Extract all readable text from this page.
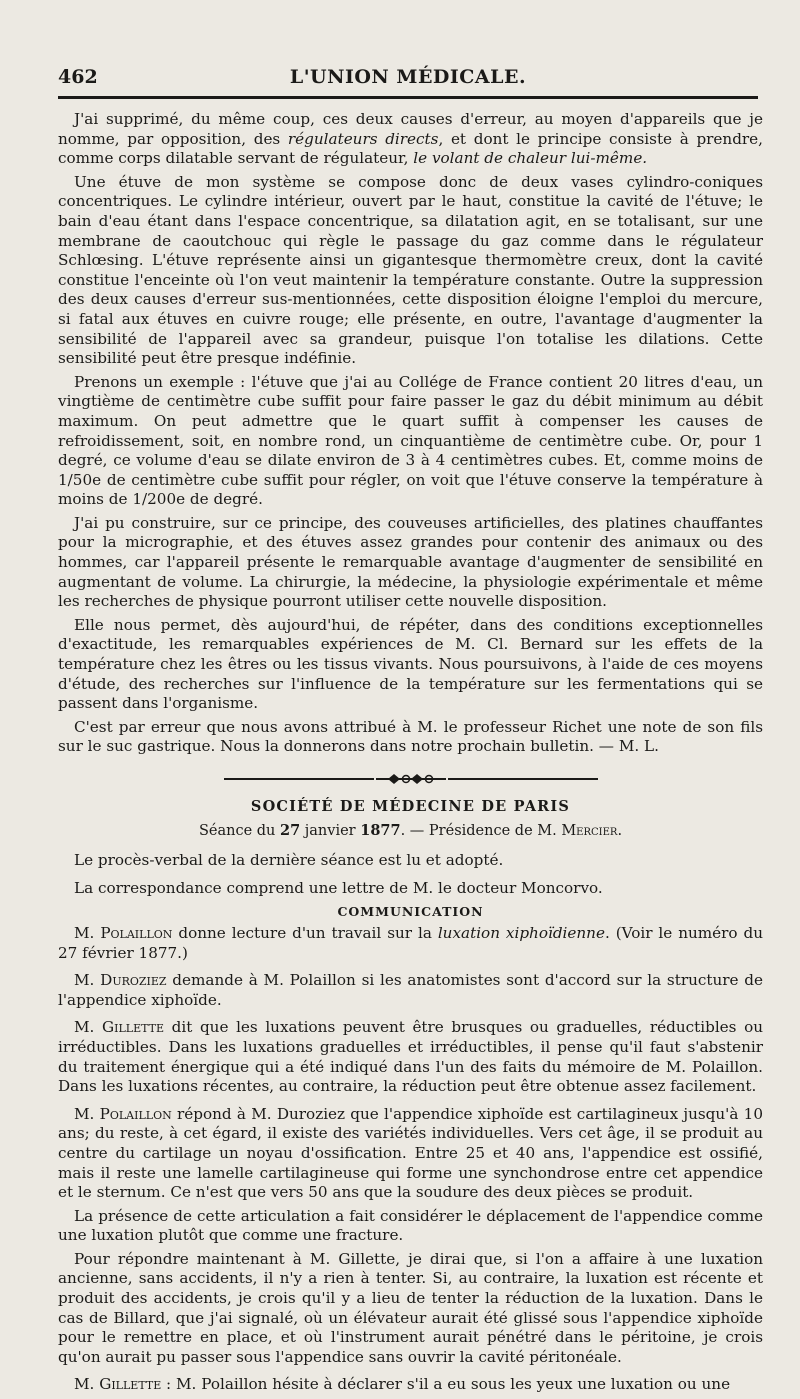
462	L'UNION MÉDICALE.

J'ai supprimé, du même coup, ces deux causes d'erreur, au moyen d'appareils que je nomme, par opposition, des régulateurs directs, et dont le principe consiste à prendre, comme corps dilatable servant de régulateur, le volant de chaleur lui-même.

Une étuve de mon système se compose donc de deux vases cylindro-coniques concentriques. Le cylindre intérieur, ouvert par le haut, constitue la cavité de l'étuve; le bain d'eau étant dans l'espace concentrique, sa dilatation agit, en se totalisant, sur une membrane de caoutchouc qui règle le passage du gaz comme dans le régulateur Schlœsing. L'étuve représente ainsi un gigantesque thermomètre creux, dont la cavité constitue l'enceinte où l'on veut maintenir la température constante. Outre la suppression des deux causes d'erreur sus-mentionnées, cette disposition éloigne l'emploi du mercure, si fatal aux étuves en cuivre rouge; elle présente, en outre, l'avantage d'augmenter la sensibilité de l'appareil avec sa grandeur, puisque l'on totalise les dilations. Cette sensibilité peut être presque indéfinie.

Prenons un exemple : l'étuve que j'ai au Collége de France contient 20 litres d'eau, un vingtième de centimètre cube suffit pour faire passer le gaz du débit minimum au débit maximum. On peut admettre que le quart suffit à compenser les causes de refroidissement, soit, en nombre rond, un cinquantième de centimètre cube. Or, pour 1 degré, ce volume d'eau se dilate environ de 3 à 4 centimètres cubes. Et, comme moins de 1/50e de centimètre cube suffit pour régler, on voit que l'étuve conserve la température à moins de 1/200e de degré.

J'ai pu construire, sur ce principe, des couveuses artificielles, des platines chauffantes pour la micrographie, et des étuves assez grandes pour contenir des animaux ou des hommes, car l'appareil présente le remarquable avantage d'augmenter de sensibilité en augmentant de volume. La chirurgie, la médecine, la physiologie expérimentale et même les recherches de physique pourront utiliser cette nouvelle disposition.

Elle nous permet, dès aujourd'hui, de répéter, dans des conditions exceptionnelles d'exactitude, les remarquables expériences de M. Cl. Bernard sur les effets de la température chez les êtres ou les tissus vivants. Nous poursuivons, à l'aide de ces moyens d'étude, des recherches sur l'influence de la température sur les fermentations qui se passent dans l'organisme.

C'est par erreur que nous avons attribué à M. le professeur Richet une note de son fils sur le suc gastrique. Nous la donnerons dans notre prochain bulletin. — M. L.

SOCIÉTÉ DE MÉDECINE DE PARIS
Séance du 27 janvier 1877. — Présidence de M. Mercier.

Le procès-verbal de la dernière séance est lu et adopté.

La correspondance comprend une lettre de M. le docteur Moncorvo.

COMMUNICATION

M. Polaillon donne lecture d'un travail sur la luxation xiphoïdienne. (Voir le numéro du 27 février 1877.)

M. Duroziez demande à M. Polaillon si les anatomistes sont d'accord sur la structure de l'appendice xiphoïde.

M. Gillette dit que les luxations peuvent être brusques ou graduelles, réductibles ou irréductibles. Dans les luxations graduelles et irréductibles, il pense qu'il faut s'abstenir du traitement énergique qui a été indiqué dans l'un des faits du mémoire de M. Polaillon. Dans les luxations récentes, au contraire, la réduction peut être obtenue assez facilement.

M. Polaillon répond à M. Duroziez que l'appendice xiphoïde est cartilagineux jusqu'à 10 ans; du reste, à cet égard, il existe des variétés individuelles. Vers cet âge, il se produit au centre du cartilage un noyau d'ossification. Entre 25 et 40 ans, l'appendice est ossifié, mais il reste une lamelle cartilagineuse qui forme une synchondrose entre cet appendice et le sternum. Ce n'est que vers 50 ans que la soudure des deux pièces se produit.

La présence de cette articulation a fait considérer le déplacement de l'appendice comme une luxation plutôt que comme une fracture.

Pour répondre maintenant à M. Gillette, je dirai que, si l'on a affaire à une luxation ancienne, sans accidents, il n'y a rien à tenter. Si, au contraire, la luxation est récente et produit des accidents, je crois qu'il y a lieu de tenter la réduction de la luxation. Dans le cas de Billard, que j'ai signalé, où un élévateur aurait été glissé sous l'appendice xiphoïde pour le remettre en place, et où l'instrument aurait pénétré dans le péritoine, je crois qu'on aurait pu passer sous l'appendice sans ouvrir la cavité péritonéale.

M. Gillette : M. Polaillon hésite à déclarer s'il a eu sous les yeux une luxation ou une
